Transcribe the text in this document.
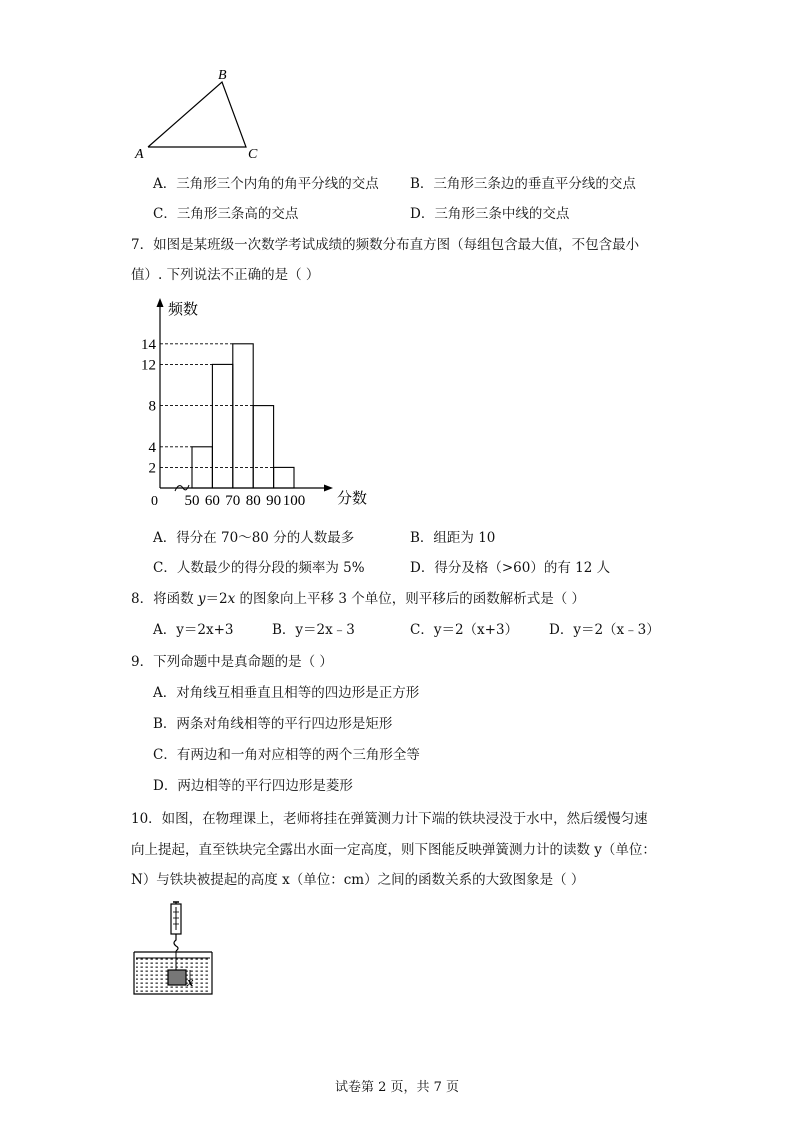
B
A	C
A．三角形三个内角的角平分线的交点 B．三角形三条边的垂直平分线的交点
C．三角形三条高的交点	D．三角形三条中线的交点
7．如图是某班级一次数学考试成绩的频数分布直方图（每组包含最大值，不包含最小
值）. 下列说法不正确的是（ ）
频数
分数
0
2
4
8
12
14
50 60 70 80 90 100
A．得分在 70～80 分的人数最多	B．组距为 10
C．人数最少的得分段的频率为 5%	D．得分及格（>60）的有 12 人
8．将函数 y＝2x 的图象向上平移 3 个单位，则平移后的函数解析式是（ ）
A．y＝2x+3	B．y＝2x﹣3	C．y＝2（x+3） D．y＝2（x﹣3）
9．下列命题中是真命题的是（ ）
A．对角线互相垂直且相等的四边形是正方形
B．两条对角线相等的平行四边形是矩形
C．有两边和一角对应相等的两个三角形全等
D．两边相等的平行四边形是菱形
10．如图，在物理课上，老师将挂在弹簧测力计下端的铁块浸没于水中，然后缓慢匀速
向上提起，直至铁块完全露出水面一定高度，则下图能反映弹簧测力计的读数 y（单位：
N）与铁块被提起的高度 x（单位：cm）之间的函数关系的大致图象是（ ）
x
试卷第 2 页，共 7 页
